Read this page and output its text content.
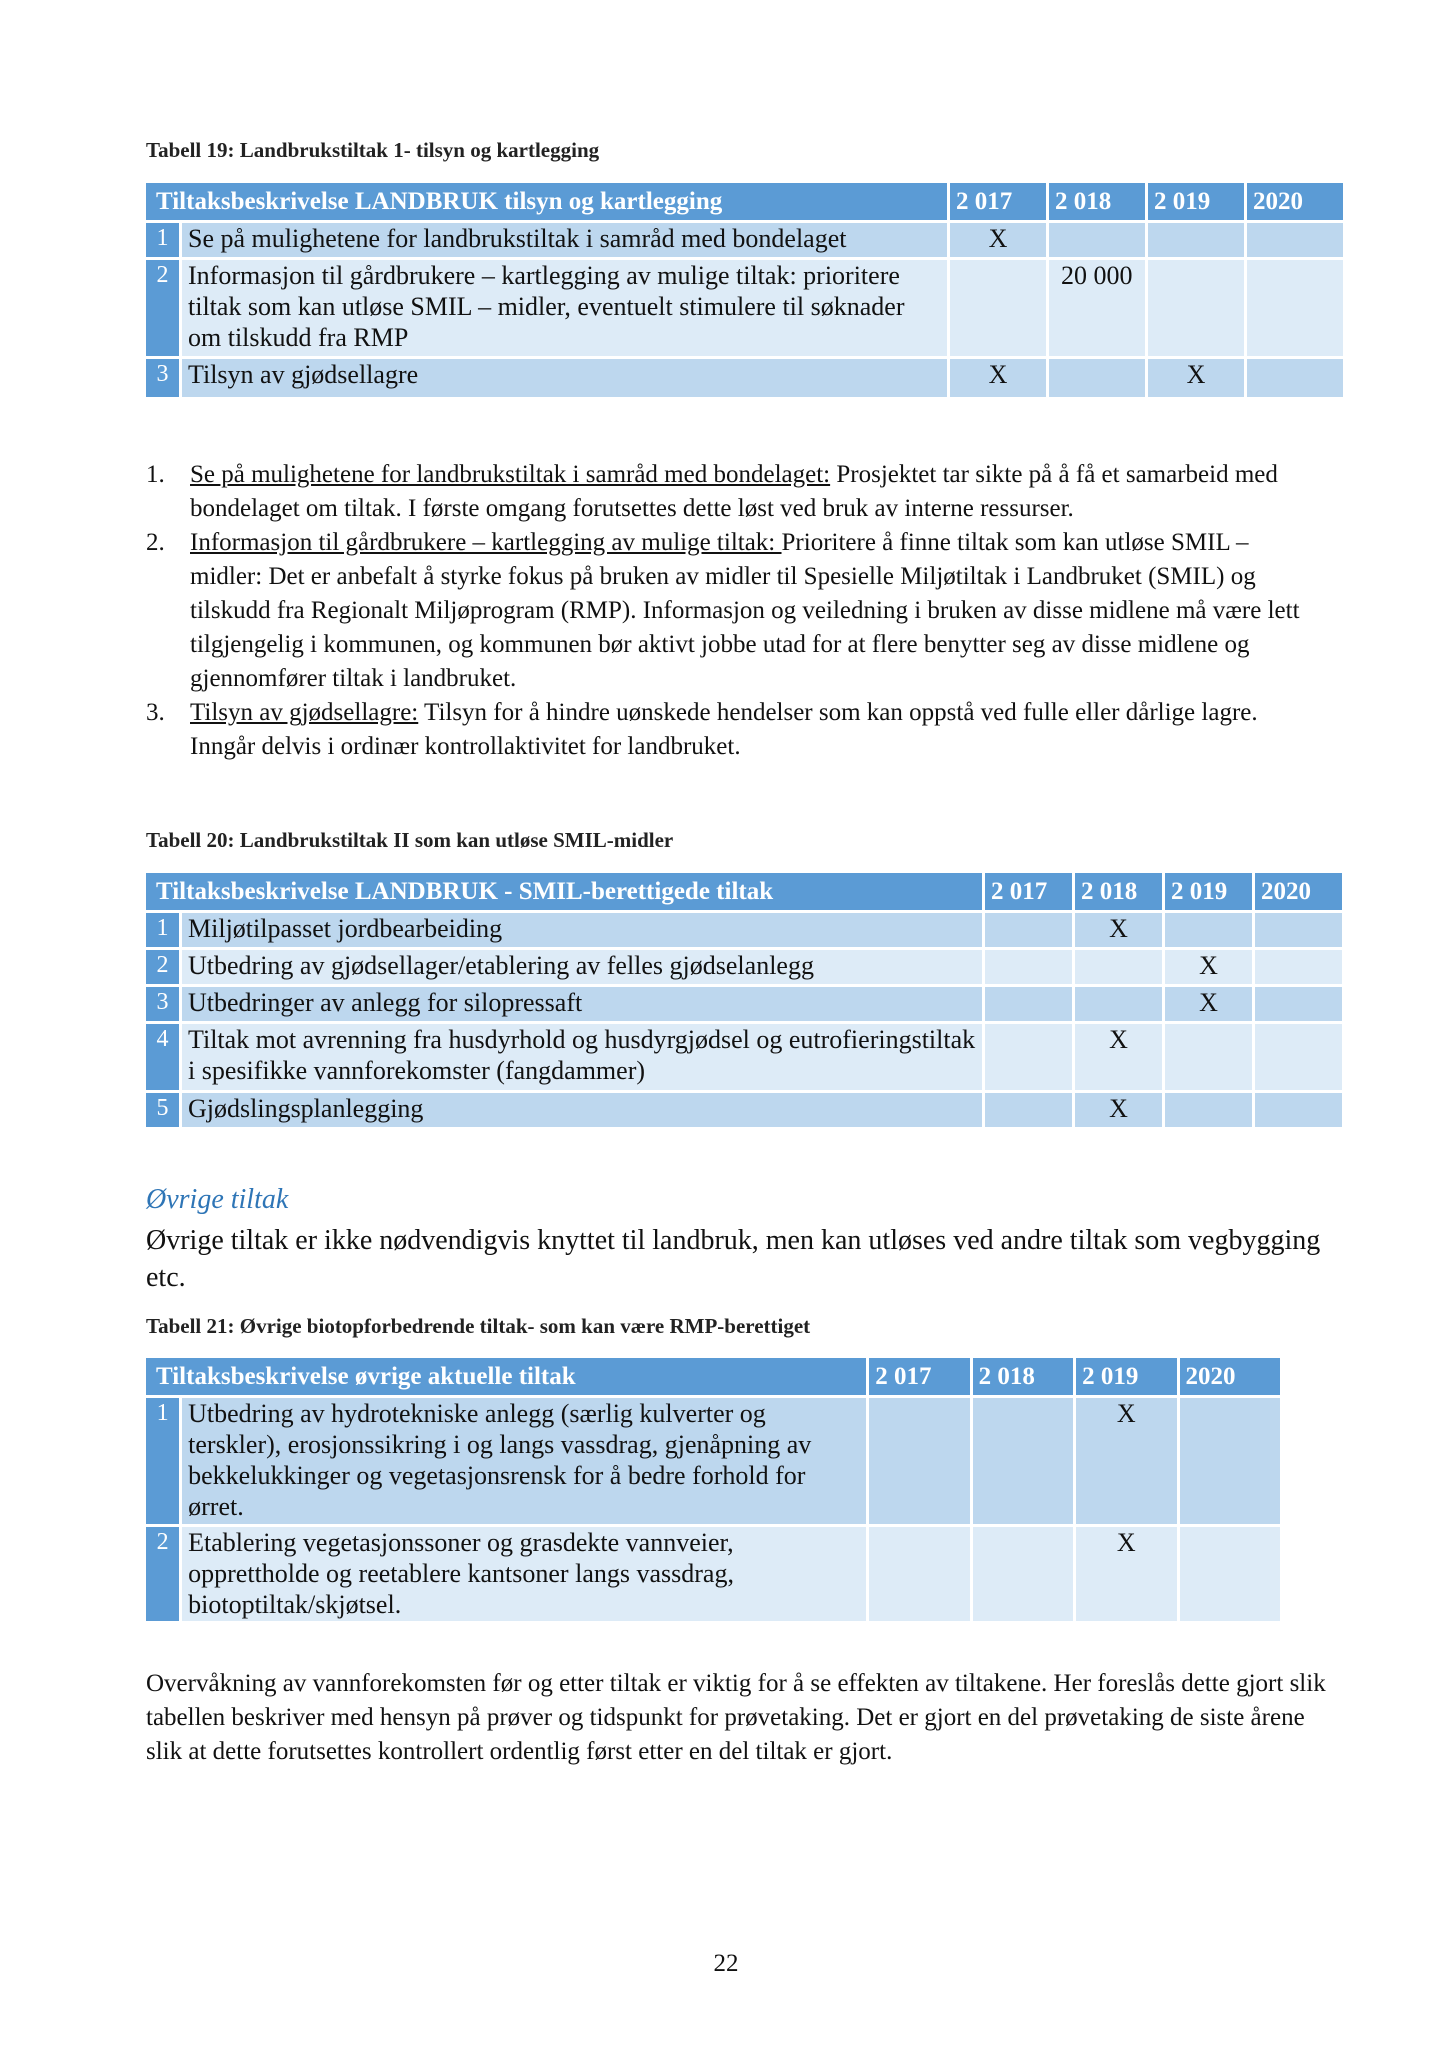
Tabell 19: Landbrukstiltak 1- tilsyn og kartlegging
Tiltaksbeskrivelse LANDBRUK tilsyn og kartlegging		2 017	2 018	2 019	2020
1	Se på mulighetene for landbrukstiltak i samråd med bondelaget	X			
2	Informasjon til gårdbrukere – kartlegging av mulige tiltak: prioritere tiltak som kan utløse SMIL – midler, eventuelt stimulere til søknader om tilskudd fra RMP		20 000		
3	Tilsyn av gjødsellagre	X		X	
1. Se på mulighetene for landbrukstiltak i samråd med bondelaget: Prosjektet tar sikte på å få et samarbeid med bondelaget om tiltak. I første omgang forutsettes dette løst ved bruk av interne ressurser.
2. Informasjon til gårdbrukere – kartlegging av mulige tiltak: Prioritere å finne tiltak som kan utløse SMIL – midler: Det er anbefalt å styrke fokus på bruken av midler til Spesielle Miljøtiltak i Landbruket (SMIL) og tilskudd fra Regionalt Miljøprogram (RMP). Informasjon og veiledning i bruken av disse midlene må være lett tilgjengelig i kommunen, og kommunen bør aktivt jobbe utad for at flere benytter seg av disse midlene og gjennomfører tiltak i landbruket.
3. Tilsyn av gjødsellagre: Tilsyn for å hindre uønskede hendelser som kan oppstå ved fulle eller dårlige lagre. Inngår delvis i ordinær kontrollaktivitet for landbruket.
Tabell 20: Landbrukstiltak II som kan utløse SMIL-midler
Tiltaksbeskrivelse LANDBRUK - SMIL-berettigede tiltak		2 017	2 018	2 019	2020
1	Miljøtilpasset jordbearbeiding		X		
2	Utbedring av gjødsellager/etablering av felles gjødselanlegg			X	
3	Utbedringer av anlegg for silopressaft			X	
4	Tiltak mot avrenning fra husdyrhold og husdyrgjødsel og eutrofieringstiltak i spesifikke vannforekomster (fangdammer)		X		
5	Gjødslingsplanlegging		X		
Øvrige tiltak
Øvrige tiltak er ikke nødvendigvis knyttet til landbruk, men kan utløses ved andre tiltak som vegbygging etc.
Tabell 21: Øvrige biotopforbedrende tiltak- som kan være RMP-berettiget
Tiltaksbeskrivelse øvrige aktuelle tiltak		2 017	2 018	2 019	2020
1	Utbedring av hydrotekniske anlegg (særlig kulverter og terskler), erosjonssikring i og langs vassdrag, gjenåpning av bekkelukkinger og vegetasjonsrensk for å bedre forhold for ørret.			X	
2	Etablering vegetasjonssoner og grasdekte vannveier, opprettholde og reetablere kantsoner langs vassdrag, biotoptiltak/skjøtsel.			X	
Overvåkning av vannforekomsten før og etter tiltak er viktig for å se effekten av tiltakene. Her foreslås dette gjort slik tabellen beskriver med hensyn på prøver og tidspunkt for prøvetaking. Det er gjort en del prøvetaking de siste årene slik at dette forutsettes kontrollert ordentlig først etter en del tiltak er gjort.
22
